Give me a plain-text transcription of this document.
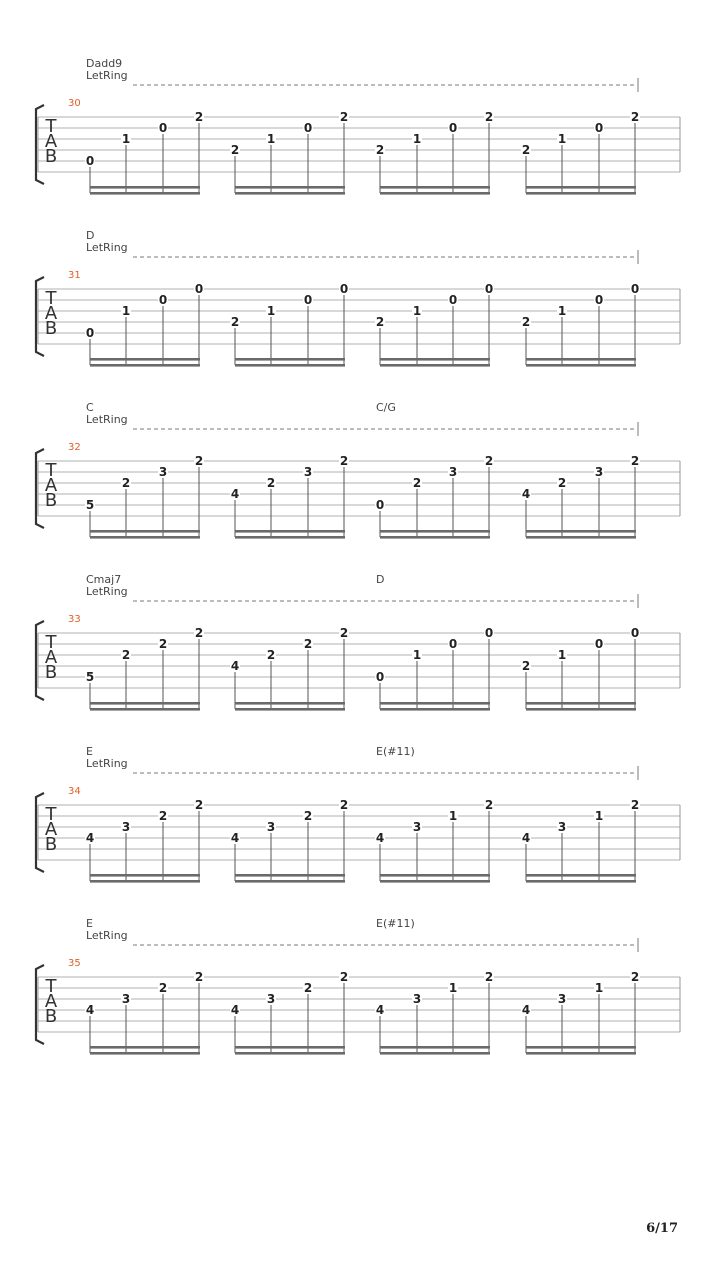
Dadd9
LetRing
30
T
A
B 0
1
0
2
2
1
0
2
2
1
0
2
2
1
0
2
D
LetRing
31
T
A
B 0
1
0
0
2
1
0
0
2
1
0
0
2
1
0
0
C	C/G
LetRing
32
T
A
B 5
2
3
2
4
2
3
2
0
2
3
2
4
2
3
2
Cmaj7	D
LetRing
33
T
A
B 5
2
2
2
4
2
2
2
0
1
0
0
2
1
0
0
E	E(#11)
LetRing
34
T
A
B 4
3
2
2
4
3
2
2
4
3
1
2
4
3
1
2
E	E(#11)
LetRing
35
T
A
B 4
3
2
2
4
3
2
2
4
3
1
2
4
3
1
2
6/17
